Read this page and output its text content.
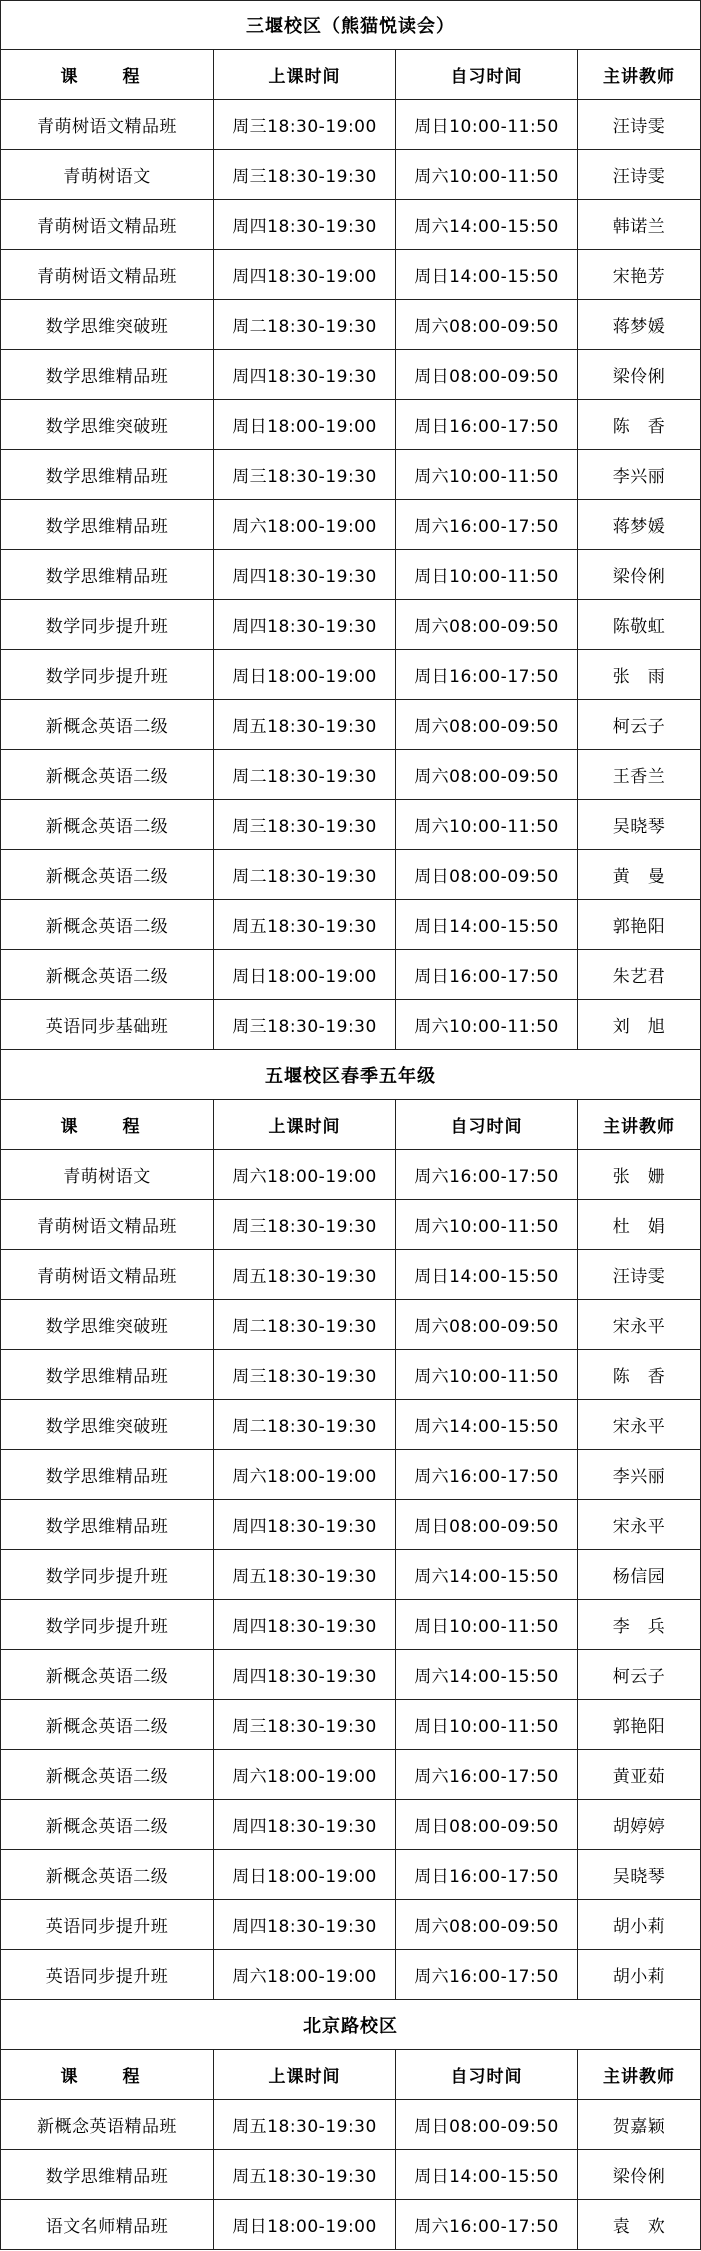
三堰校区（熊猫悦读会）
课　程	上课时间	自习时间	主讲教师
青萌树语文精品班	周三18:30-19:00	周日10:00-11:50	汪诗雯
青萌树语文	周三18:30-19:30	周六10:00-11:50	汪诗雯
青萌树语文精品班	周四18:30-19:30	周六14:00-15:50	韩诺兰
青萌树语文精品班	周四18:30-19:00	周日14:00-15:50	宋艳芳
数学思维突破班	周二18:30-19:30	周六08:00-09:50	蒋梦媛
数学思维精品班	周四18:30-19:30	周日08:00-09:50	梁伶俐
数学思维突破班	周日18:00-19:00	周日16:00-17:50	陈　香
数学思维精品班	周三18:30-19:30	周六10:00-11:50	李兴丽
数学思维精品班	周六18:00-19:00	周六16:00-17:50	蒋梦媛
数学思维精品班	周四18:30-19:30	周日10:00-11:50	梁伶俐
数学同步提升班	周四18:30-19:30	周六08:00-09:50	陈敬虹
数学同步提升班	周日18:00-19:00	周日16:00-17:50	张　雨
新概念英语二级	周五18:30-19:30	周六08:00-09:50	柯云子
新概念英语二级	周二18:30-19:30	周六08:00-09:50	王香兰
新概念英语二级	周三18:30-19:30	周六10:00-11:50	吴晓琴
新概念英语二级	周二18:30-19:30	周日08:00-09:50	黄　曼
新概念英语二级	周五18:30-19:30	周日14:00-15:50	郭艳阳
新概念英语二级	周日18:00-19:00	周日16:00-17:50	朱艺君
英语同步基础班	周三18:30-19:30	周六10:00-11:50	刘　旭
五堰校区春季五年级
课　程	上课时间	自习时间	主讲教师
青萌树语文	周六18:00-19:00	周六16:00-17:50	张　姗
青萌树语文精品班	周三18:30-19:30	周六10:00-11:50	杜　娟
青萌树语文精品班	周五18:30-19:30	周日14:00-15:50	汪诗雯
数学思维突破班	周二18:30-19:30	周六08:00-09:50	宋永平
数学思维精品班	周三18:30-19:30	周六10:00-11:50	陈　香
数学思维突破班	周二18:30-19:30	周六14:00-15:50	宋永平
数学思维精品班	周六18:00-19:00	周六16:00-17:50	李兴丽
数学思维精品班	周四18:30-19:30	周日08:00-09:50	宋永平
数学同步提升班	周五18:30-19:30	周六14:00-15:50	杨信园
数学同步提升班	周四18:30-19:30	周日10:00-11:50	李　兵
新概念英语二级	周四18:30-19:30	周六14:00-15:50	柯云子
新概念英语二级	周三18:30-19:30	周日10:00-11:50	郭艳阳
新概念英语二级	周六18:00-19:00	周六16:00-17:50	黄亚茹
新概念英语二级	周四18:30-19:30	周日08:00-09:50	胡婷婷
新概念英语二级	周日18:00-19:00	周日16:00-17:50	吴晓琴
英语同步提升班	周四18:30-19:30	周六08:00-09:50	胡小莉
英语同步提升班	周六18:00-19:00	周六16:00-17:50	胡小莉
北京路校区
课　程	上课时间	自习时间	主讲教师
新概念英语精品班	周五18:30-19:30	周日08:00-09:50	贺嘉颖
数学思维精品班	周五18:30-19:30	周日14:00-15:50	梁伶俐
语文名师精品班	周日18:00-19:00	周六16:00-17:50	袁　欢
